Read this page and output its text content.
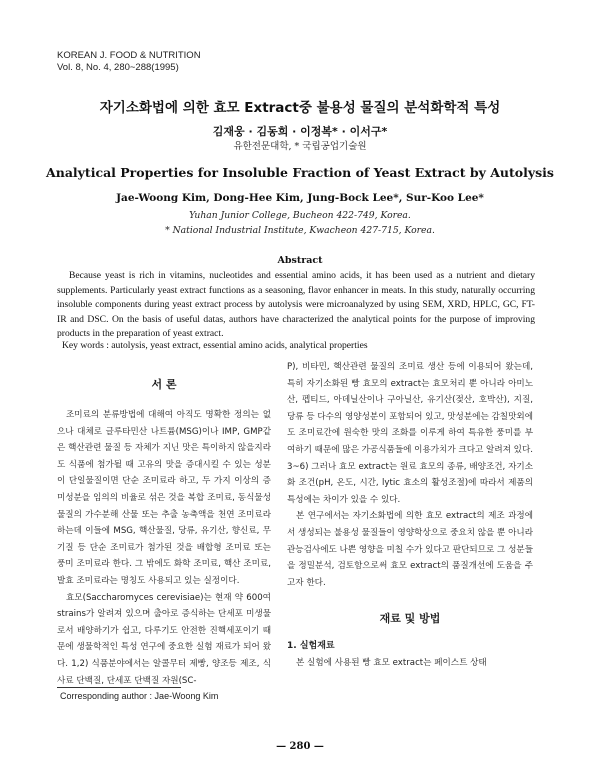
KOREAN J. FOOD & NUTRITION
Vol. 8, No. 4, 280~288(1995)
자기소화법에 의한 효모 Extract중 불용성 물질의 분석화학적 특성
김재웅 · 김동희 · 이정복* · 이서구*
유한전문대학, * 국립공업기술원
Analytical Properties for Insoluble Fraction of Yeast Extract by Autolysis
Jae-Woong Kim, Dong-Hee Kim, Jung-Bock Lee*, Sur-Koo Lee*
Yuhan Junior College, Bucheon 422-749, Korea.
* National Industrial Institute, Kwacheon 427-715, Korea.
Abstract
Because yeast is rich in vitamins, nucleotides and essential amino acids, it has been used as a nutrient and dietary supplements. Particularly yeast extract functions as a seasoning, flavor enhancer in meats. In this study, naturally occurring insoluble components during yeast extract process by autolysis were microanalyzed by using SEM, XRD, HPLC, GC, FT-IR and DSC. On the basis of useful datas, authors have characterized the analytical points for the purpose of improving products in the preparation of yeast extract.
Key words : autolysis, yeast extract, essential amino acids, analytical properties
서 론
조미료의 분류방법에 대해여 아직도 명확한 정의는 없으나 대체로 글루타민산 나트륨(MSG)이나 IMP, GMP같은 핵산관련 물질 등 자체가 지닌 맛은 특이하지 않을지라도 식품에 첨가될 때 고유의 맛을 증대시킬 수 있는 성분이 단일물질이면 단순 조미료라 하고, 두 가지 이상의 증미성분을 임의의 비율로 섞은 것을 복합 조미료, 동식물성 물질의 가수분해 산물 또는 추출 농축액을 천연 조미료라 하는데 이들에 MSG, 핵산물질, 당류, 유기산, 향신료, 무기질 등 단순 조미료가 첨가된 것을 배합형 조미료 또는 풍미 조미료라 한다. 그 밖에도 화학 조미료, 핵산 조미료, 발효 조미료라는 명칭도 사용되고 있는 실정이다.
효모(Saccharomyces cerevisiae)는 현재 약 600여 strains가 알려져 있으며 출아로 증식하는 단세포 미생물로서 배양하기가 쉽고, 다루기도 안전한 진핵세포이기 때문에 생물학적인 특성 연구에 중요한 실험 재료가 되어 왔다. 1,2) 식품분야에서는 알콜무터 제빵, 양조등 제조, 식사료 단백질, 단세포 단백질 자원(SC-

P), 비타민, 핵산관련 물질의 조미료 생산 등에 이용되어 왔는데, 특히 자기소화된 빵 효모의 extract는 효모처리 뿐 아니라 아미노산, 펩티드, 아데닐산이나 구아닐산, 유기산(젖산, 호박산), 지질, 당류 등 다수의 영양성분이 포함되어 있고, 맛성분에는 감칠맛외에도 조미료간에 원숙한 맛의 조화를 이루게 하여 특유한 풍미를 부여하기 때문에 많은 가공식품들에 이용가치가 크다고 알려져 있다. 3~6) 그러나 효모 extract는 원료 효모의 종류, 배양조건, 자기소화 조건(pH, 온도, 시간, lytic 효소의 활성조절)에 따라서 제품의 특성에는 차이가 있을 수 있다.

본 연구에서는 자기소화법에 의한 효모 extract의 제조 과정에서 생성되는 불용성 물질들이 영양학상으로 중요치 않을 뿐 아니라 관능검사에도 나쁜 영향을 미칠 수가 있다고 판단되므로 그 성분들을 정밀분석, 검토함으로써 효모 extract의 품질개선에 도움을 주고자 한다.

재료 및 방법
1. 실험재료

본 실험에 사용된 빵 효모 extract는 페이스트 상태

Corresponding author : Jae-Woong Kim
— 280 —
